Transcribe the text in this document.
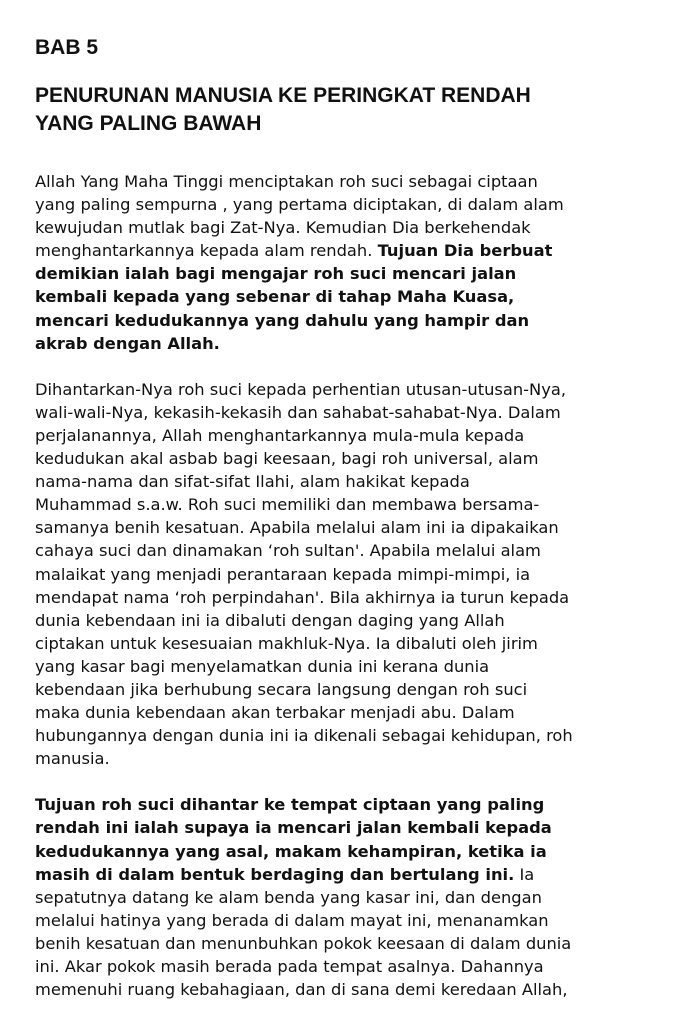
BAB 5
PENURUNAN MANUSIA KE PERINGKAT RENDAH
YANG PALING BAWAH
Allah Yang Maha Tinggi menciptakan roh suci sebagai ciptaan
yang paling sempurna , yang pertama diciptakan, di dalam alam
kewujudan mutlak bagi Zat-Nya. Kemudian Dia berkehendak
menghantarkannya kepada alam rendah. Tujuan Dia berbuat
demikian ialah bagi mengajar roh suci mencari jalan
kembali kepada yang sebenar di tahap Maha Kuasa,
mencari kedudukannya yang dahulu yang hampir dan
akrab dengan Allah.
Dihantarkan-Nya roh suci kepada perhentian utusan-utusan-Nya,
wali-wali-Nya, kekasih-kekasih dan sahabat-sahabat-Nya. Dalam
perjalanannya, Allah menghantarkannya mula-mula kepada
kedudukan akal asbab bagi keesaan, bagi roh universal, alam
nama-nama dan sifat-sifat Ilahi, alam hakikat kepada
Muhammad s.a.w. Roh suci memiliki dan membawa bersama-
samanya benih kesatuan. Apabila melalui alam ini ia dipakaikan
cahaya suci dan dinamakan ‘roh sultan'. Apabila melalui alam
malaikat yang menjadi perantaraan kepada mimpi-mimpi, ia
mendapat nama ‘roh perpindahan'. Bila akhirnya ia turun kepada
dunia kebendaan ini ia dibaluti dengan daging yang Allah
ciptakan untuk kesesuaian makhluk-Nya. Ia dibaluti oleh jirim
yang kasar bagi menyelamatkan dunia ini kerana dunia
kebendaan jika berhubung secara langsung dengan roh suci
maka dunia kebendaan akan terbakar menjadi abu. Dalam
hubungannya dengan dunia ini ia dikenali sebagai kehidupan, roh
manusia.
Tujuan roh suci dihantar ke tempat ciptaan yang paling
rendah ini ialah supaya ia mencari jalan kembali kepada
kedudukannya yang asal, makam kehampiran, ketika ia
masih di dalam bentuk berdaging dan bertulang ini. Ia
sepatutnya datang ke alam benda yang kasar ini, dan dengan
melalui hatinya yang berada di dalam mayat ini, menanamkan
benih kesatuan dan menunbuhkan pokok keesaan di dalam dunia
ini. Akar pokok masih berada pada tempat asalnya. Dahannya
memenuhi ruang kebahagiaan, dan di sana demi keredaan Allah,
